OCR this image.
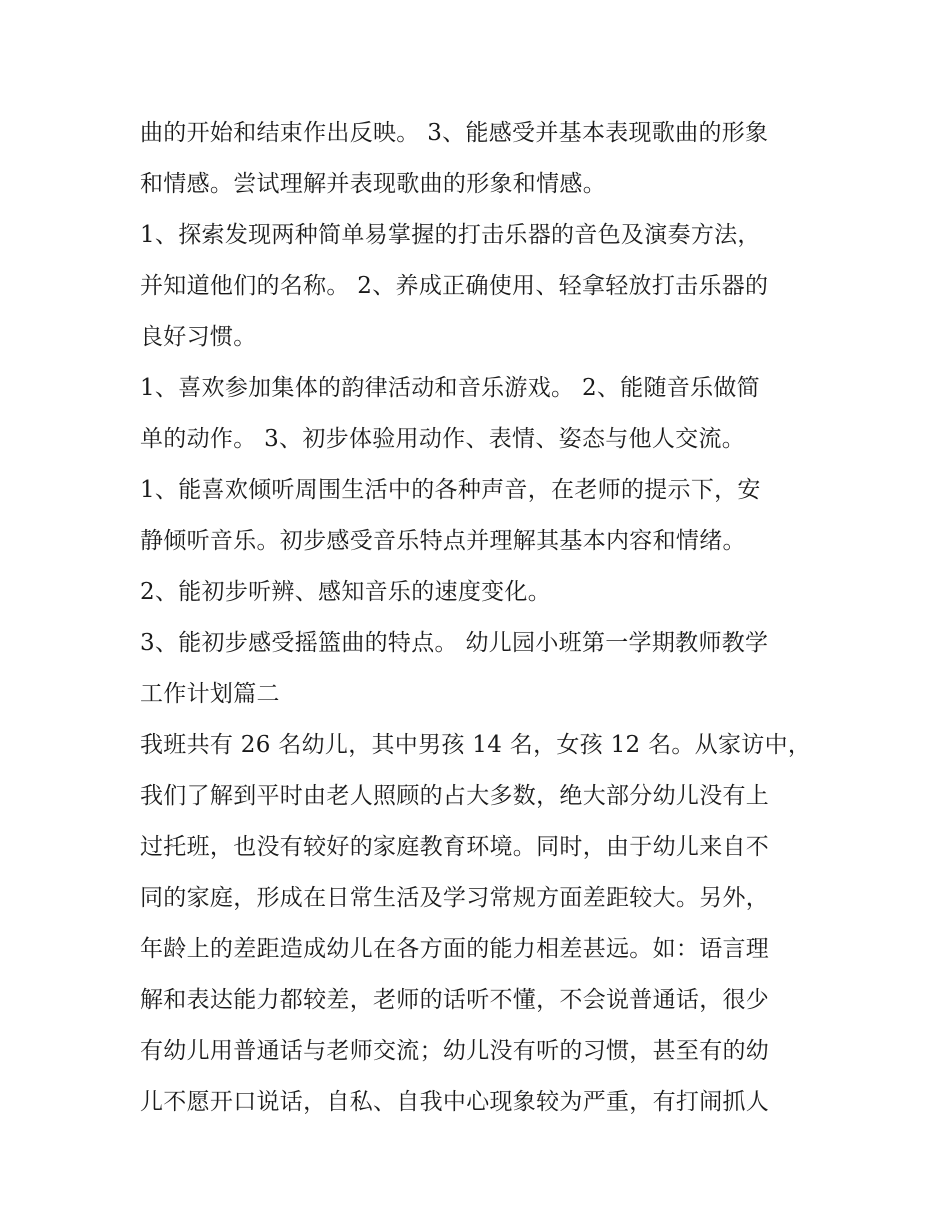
曲的开始和结束作出反映。 3、能感受并基本表现歌曲的形象
和情感。尝试理解并表现歌曲的形象和情感。
1、探索发现两种简单易掌握的打击乐器的音色及演奏方法，
并知道他们的名称。 2、养成正确使用、轻拿轻放打击乐器的
良好习惯。
1、喜欢参加集体的韵律活动和音乐游戏。 2、能随音乐做简
单的动作。 3、初步体验用动作、表情、姿态与他人交流。
1、能喜欢倾听周围生活中的各种声音，在老师的提示下，安
静倾听音乐。初步感受音乐特点并理解其基本内容和情绪。
2、能初步听辨、感知音乐的速度变化。
3、能初步感受摇篮曲的特点。 幼儿园小班第一学期教师教学
工作计划篇二
我班共有 26 名幼儿，其中男孩 14 名，女孩 12 名。从家访中，
我们了解到平时由老人照顾的占大多数，绝大部分幼儿没有上
过托班，也没有较好的家庭教育环境。同时，由于幼儿来自不
同的家庭，形成在日常生活及学习常规方面差距较大。另外，
年龄上的差距造成幼儿在各方面的能力相差甚远。如：语言理
解和表达能力都较差，老师的话听不懂，不会说普通话，很少
有幼儿用普通话与老师交流；幼儿没有听的习惯，甚至有的幼
儿不愿开口说话，自私、自我中心现象较为严重，有打闹抓人
